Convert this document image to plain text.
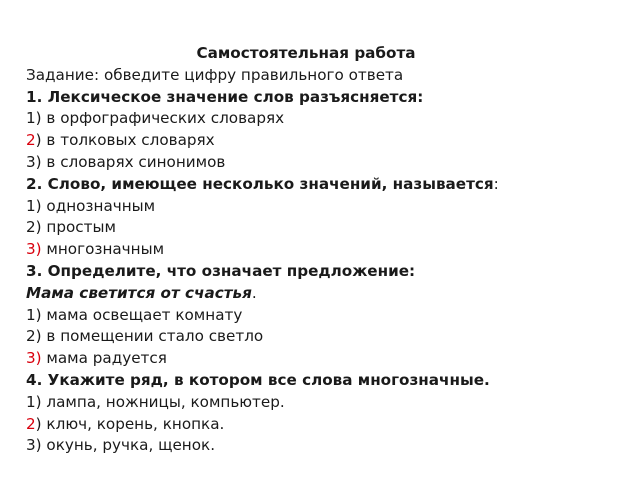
Самостоятельная работа
Задание: обведите цифру правильного ответа
1. Лексическое значение слов разъясняется:
1) в орфографических словарях
2) в толковых словарях
3) в словарях синонимов
2. Слово, имеющее несколько значений, называется:
1) однозначным
2) простым
3) многозначным
3. Определите, что означает предложение:
Мама светится от счастья.
1) мама освещает комнату
2) в помещении стало светло
3) мама радуется
4. Укажите ряд, в котором все слова многозначные.
1) лампа, ножницы, компьютер.
2) ключ, корень, кнопка.
3) окунь, ручка, щенок.
